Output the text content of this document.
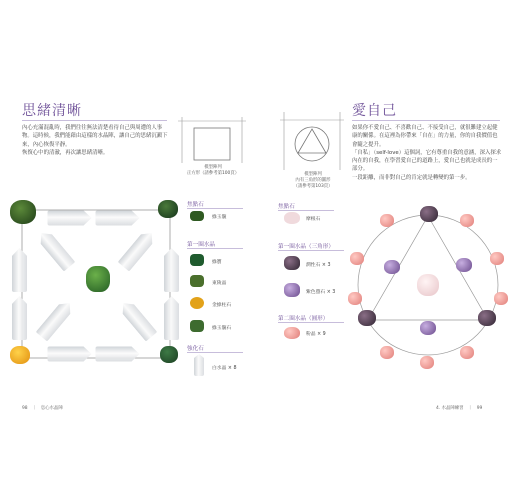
思緒清晰
內心充滿混亂時，我們往往無法清楚看待自己與周遭的人事物。這時候，我們能藉由這樣的水晶陣，讓自己的思緒沉澱下來，內心恢復平靜。
恢復心中的清澈，再次讓思緒清晰。
模型陣列
正方形（請參考第100頁）
焦點石
綠玉髓
第一圈水晶
綠寶
東陵晶
金綠柱石
綠玉髓石
強化石
白水晶 × 8
98　｜　息心水晶陣
模型陣列
內有三角形的圓形
（請參考第103頁）
愛自己
如果你不愛自己、不喜歡自己、不接受自己，就很難建立起健康的關係。在這裡為你帶來「自在」的力量，你的自我價值也會隨之提升。
「自私」（self-love）這個詞，它有尊重自我的意涵，深入探求內在的自我，在學習愛自己的道路上，愛自己也就是成長的一部分。
一段距離，而非對自己的肯定就是轉變的第一步。
焦點石
摩根石
第一圈水晶（三角形）
潤性石 × 3
紫色螢石 × 3
第二圈水晶（圓形）
粉晶 × 9
4. 水晶陣練習　｜　99
